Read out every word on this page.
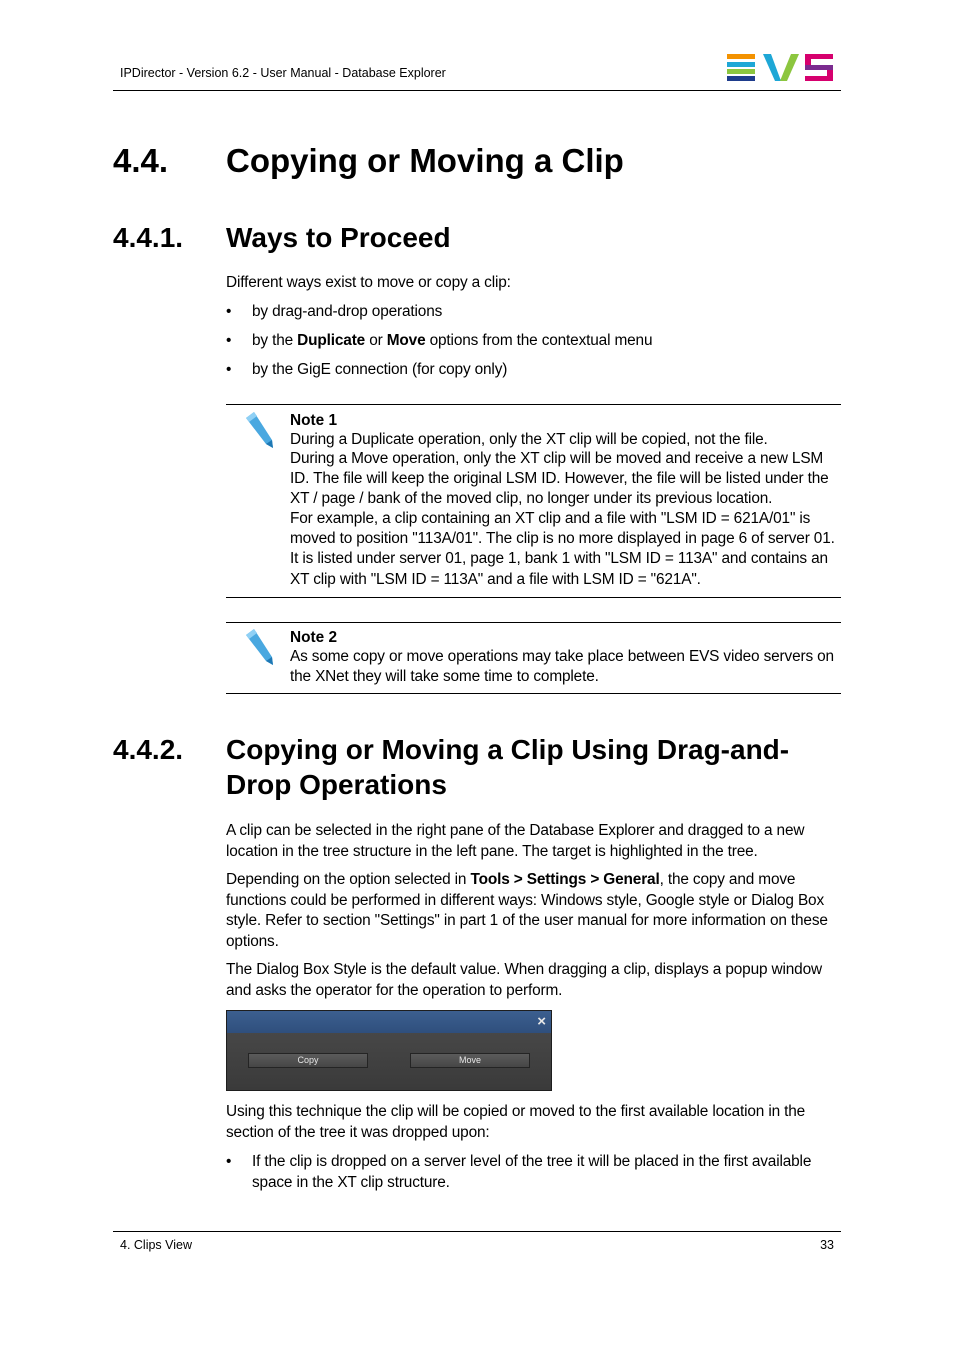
IPDirector - Version 6.2 - User Manual - Database Explorer
4.4. Copying or Moving a Clip
4.4.1. Ways to Proceed
Different ways exist to move or copy a clip:
• by drag-and-drop operations
• by the Duplicate or Move options from the contextual menu
• by the GigE connection (for copy only)
Note 1
During a Duplicate operation, only the XT clip will be copied, not the file.
During a Move operation, only the XT clip will be moved and receive a new LSM ID. The file will keep the original LSM ID. However, the file will be listed under the XT / page / bank of the moved clip, no longer under its previous location.
For example, a clip containing an XT clip and a file with "LSM ID = 621A/01" is moved to position "113A/01". The clip is no more displayed in page 6 of server 01. It is listed under server 01, page 1, bank 1 with "LSM ID = 113A" and contains an XT clip with "LSM ID = 113A" and a file with LSM ID = "621A".
Note 2
As some copy or move operations may take place between EVS video servers on the XNet they will take some time to complete.
4.4.2. Copying or Moving a Clip Using Drag-and-
Drop Operations
A clip can be selected in the right pane of the Database Explorer and dragged to a new location in the tree structure in the left pane. The target is highlighted in the tree.
Depending on the option selected in Tools > Settings > General, the copy and move functions could be performed in different ways: Windows style, Google style or Dialog Box style. Refer to section "Settings" in part 1 of the user manual for more information on these options.
The Dialog Box Style is the default value. When dragging a clip, displays a popup window and asks the operator for the operation to perform.
×
Copy	Move
Using this technique the clip will be copied or moved to the first available location in the section of the tree it was dropped upon:
• If the clip is dropped on a server level of the tree it will be placed in the first available space in the XT clip structure.
4. Clips View	33
